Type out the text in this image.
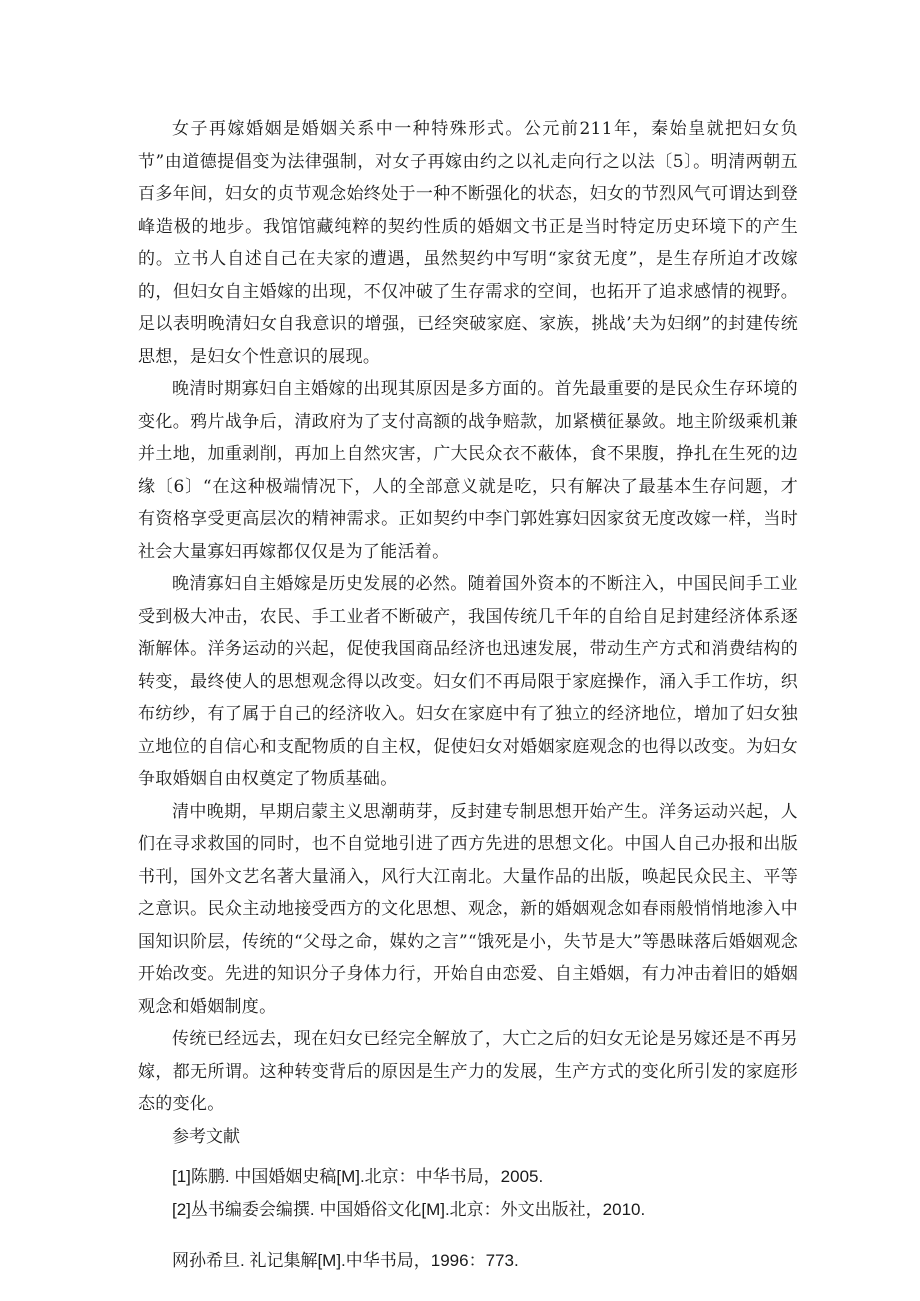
女子再嫁婚姻是婚姻关系中一种特殊形式。公元前211年，秦始皇就把妇女负节”由道德提倡变为法律强制，对女子再嫁由约之以礼走向行之以法〔5〕。明清两朝五百多年间，妇女的贞节观念始终处于一种不断强化的状态，妇女的节烈风气可谓达到登峰造极的地步。我馆馆藏纯粹的契约性质的婚姻文书正是当时特定历史环境下的产生的。立书人自述自己在夫家的遭遇，虽然契约中写明“家贫无度”，是生存所迫才改嫁的，但妇女自主婚嫁的出现，不仅冲破了生存需求的空间，也拓开了追求感情的视野。足以表明晚清妇女自我意识的增强，已经突破家庭、家族，挑战’夫为妇纲”的封建传统思想，是妇女个性意识的展现。

晚清时期寡妇自主婚嫁的出现其原因是多方面的。首先最重要的是民众生存环境的变化。鸦片战争后，清政府为了支付高额的战争赔款，加紧横征暴敛。地主阶级乘机兼并土地，加重剥削，再加上自然灾害，广大民众衣不蔽体，食不果腹，挣扎在生死的边缘〔6〕“在这种极端情况下，人的全部意义就是吃，只有解决了最基本生存问题，才有资格享受更高层次的精神需求。正如契约中李门郭姓寡妇因家贫无度改嫁一样，当时社会大量寡妇再嫁都仅仅是为了能活着。

晚清寡妇自主婚嫁是历史发展的必然。随着国外资本的不断注入，中国民间手工业受到极大冲击，农民、手工业者不断破产，我国传统几千年的自给自足封建经济体系逐渐解体。洋务运动的兴起，促使我国商品经济也迅速发展，带动生产方式和消费结构的转变，最终使人的思想观念得以改变。妇女们不再局限于家庭操作，涌入手工作坊，织布纺纱，有了属于自己的经济收入。妇女在家庭中有了独立的经济地位，增加了妇女独立地位的自信心和支配物质的自主权，促使妇女对婚姻家庭观念的也得以改变。为妇女争取婚姻自由权奠定了物质基础。

清中晚期，早期启蒙主义思潮萌芽，反封建专制思想开始产生。洋务运动兴起，人们在寻求救国的同时，也不自觉地引进了西方先进的思想文化。中国人自己办报和出版书刊，国外文艺名著大量涌入，风行大江南北。大量作品的出版，唤起民众民主、平等之意识。民众主动地接受西方的文化思想、观念，新的婚姻观念如春雨般悄悄地渗入中国知识阶层，传统的“父母之命，媒妁之言”“饿死是小，失节是大”等愚昧落后婚姻观念开始改变。先进的知识分子身体力行，开始自由恋爱、自主婚姻，有力冲击着旧的婚姻观念和婚姻制度。

传统已经远去，现在妇女已经完全解放了，大亡之后的妇女无论是另嫁还是不再另嫁，都无所谓。这种转变背后的原因是生产力的发展，生产方式的变化所引发的家庭形态的变化。

参考文献

[1]陈鹏. 中国婚姻史稿[M].北京：中华书局，2005.

[2]丛书编委会编撰. 中国婚俗文化[M].北京：外文出版社，2010.

网孙希旦. 礼记集解[M].中华书局，1996：773.
